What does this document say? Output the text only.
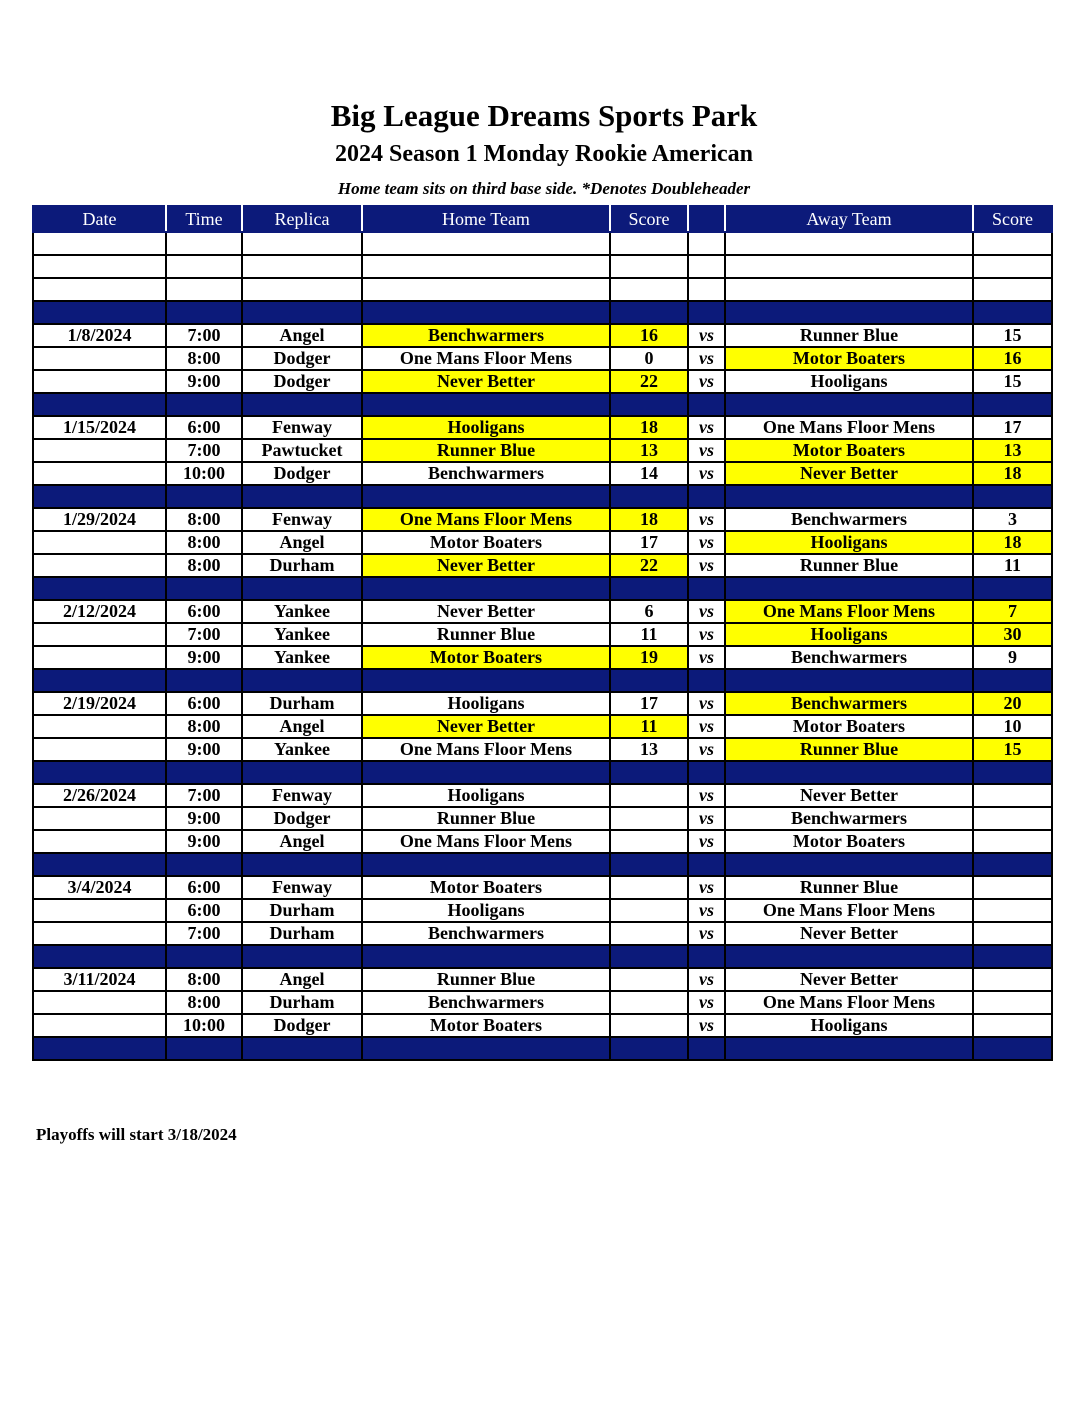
Big League Dreams Sports Park
2024 Season 1 Monday Rookie American
Home team sits on third base side. *Denotes Doubleheader
Date	Time	Replica	Home Team	Score		Away Team	Score

1/8/2024	7:00	Angel	Benchwarmers	16	vs	Runner Blue	15
	8:00	Dodger	One Mans Floor Mens	0	vs	Motor Boaters	16
	9:00	Dodger	Never Better	22	vs	Hooligans	15

1/15/2024	6:00	Fenway	Hooligans	18	vs	One Mans Floor Mens	17
	7:00	Pawtucket	Runner Blue	13	vs	Motor Boaters	13
	10:00	Dodger	Benchwarmers	14	vs	Never Better	18

1/29/2024	8:00	Fenway	One Mans Floor Mens	18	vs	Benchwarmers	3
	8:00	Angel	Motor Boaters	17	vs	Hooligans	18
	8:00	Durham	Never Better	22	vs	Runner Blue	11

2/12/2024	6:00	Yankee	Never Better	6	vs	One Mans Floor Mens	7
	7:00	Yankee	Runner Blue	11	vs	Hooligans	30
	9:00	Yankee	Motor Boaters	19	vs	Benchwarmers	9

2/19/2024	6:00	Durham	Hooligans	17	vs	Benchwarmers	20
	8:00	Angel	Never Better	11	vs	Motor Boaters	10
	9:00	Yankee	One Mans Floor Mens	13	vs	Runner Blue	15

2/26/2024	7:00	Fenway	Hooligans		vs	Never Better	
	9:00	Dodger	Runner Blue		vs	Benchwarmers	
	9:00	Angel	One Mans Floor Mens		vs	Motor Boaters	

3/4/2024	6:00	Fenway	Motor Boaters		vs	Runner Blue	
	6:00	Durham	Hooligans		vs	One Mans Floor Mens	
	7:00	Durham	Benchwarmers		vs	Never Better	

3/11/2024	8:00	Angel	Runner Blue		vs	Never Better	
	8:00	Durham	Benchwarmers		vs	One Mans Floor Mens	
	10:00	Dodger	Motor Boaters		vs	Hooligans	

Playoffs will start 3/18/2024
